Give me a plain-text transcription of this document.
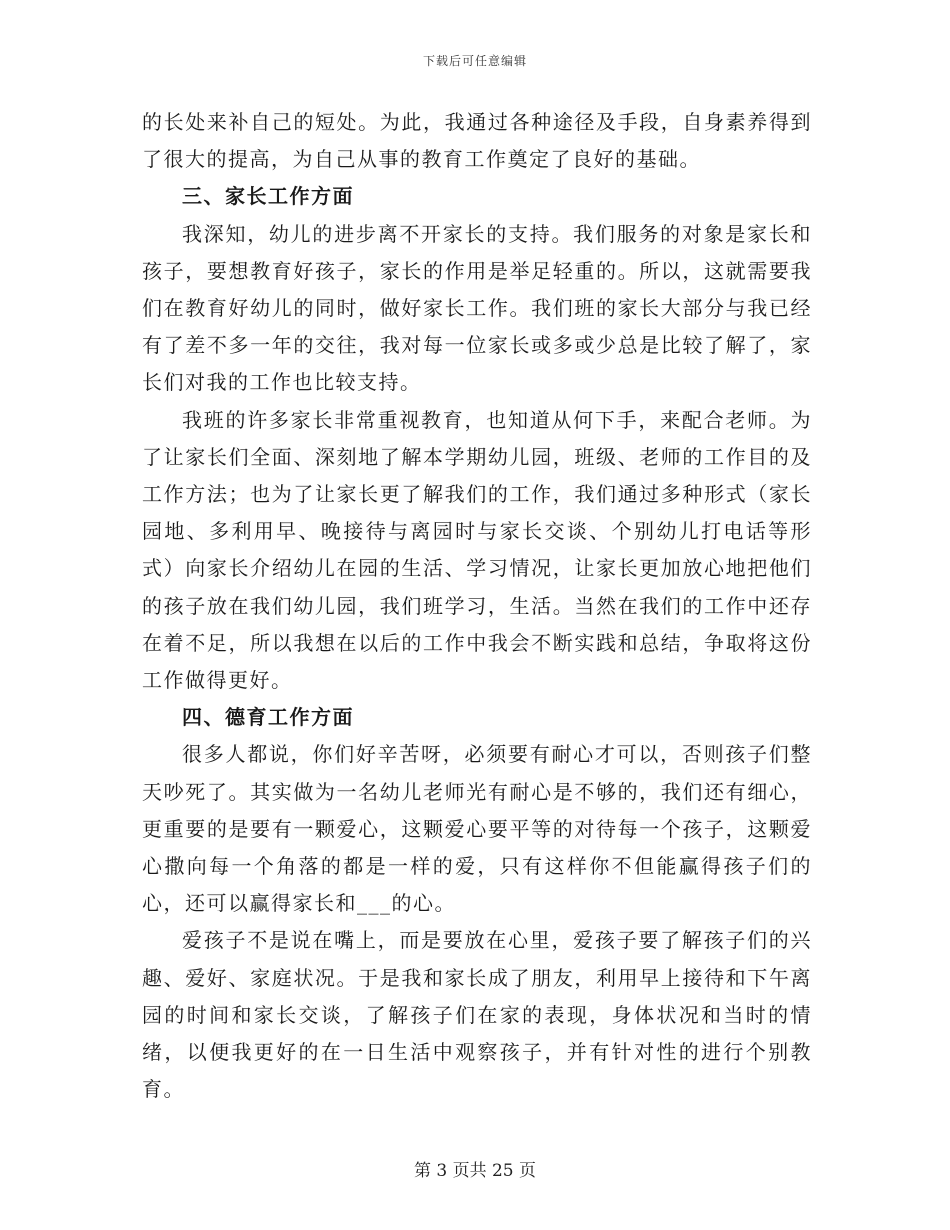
下载后可任意编辑

的长处来补自己的短处。为此，我通过各种途径及手段，自身素养得到了很大的提高，为自己从事的教育工作奠定了良好的基础。

三、家长工作方面

我深知，幼儿的进步离不开家长的支持。我们服务的对象是家长和孩子，要想教育好孩子，家长的作用是举足轻重的。所以，这就需要我们在教育好幼儿的同时，做好家长工作。我们班的家长大部分与我已经有了差不多一年的交往，我对每一位家长或多或少总是比较了解了，家长们对我的工作也比较支持。

我班的许多家长非常重视教育，也知道从何下手，来配合老师。为了让家长们全面、深刻地了解本学期幼儿园，班级、老师的工作目的及工作方法；也为了让家长更了解我们的工作，我们通过多种形式（家长园地、多利用早、晚接待与离园时与家长交谈、个别幼儿打电话等形式）向家长介绍幼儿在园的生活、学习情况，让家长更加放心地把他们的孩子放在我们幼儿园，我们班学习，生活。当然在我们的工作中还存在着不足，所以我想在以后的工作中我会不断实践和总结，争取将这份工作做得更好。

四、德育工作方面

很多人都说，你们好辛苦呀，必须要有耐心才可以，否则孩子们整天吵死了。其实做为一名幼儿老师光有耐心是不够的，我们还有细心，更重要的是要有一颗爱心，这颗爱心要平等的对待每一个孩子，这颗爱心撒向每一个角落的都是一样的爱，只有这样你不但能赢得孩子们的心，还可以赢得家长和___的心。

爱孩子不是说在嘴上，而是要放在心里，爱孩子要了解孩子们的兴趣、爱好、家庭状况。于是我和家长成了朋友，利用早上接待和下午离园的时间和家长交谈，了解孩子们在家的表现，身体状况和当时的情绪，以便我更好的在一日生活中观察孩子，并有针对性的进行个别教育。

第 3 页共 25 页
